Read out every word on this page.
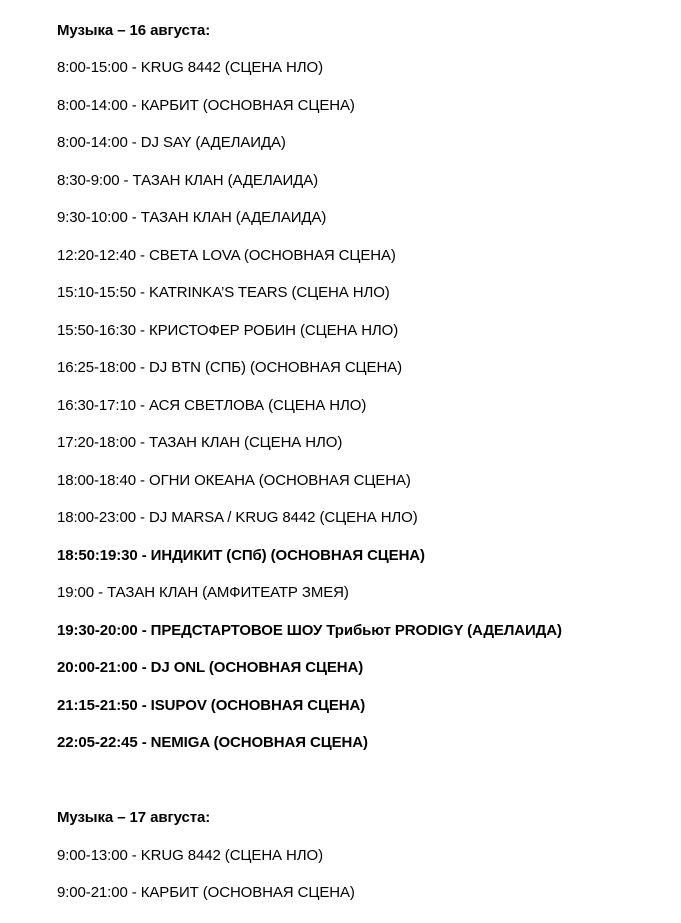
Музыка – 16 августа:
8:00-15:00 - KRUG 8442 (СЦЕНА НЛО)
8:00-14:00 - КАРБИТ (ОСНОВНАЯ СЦЕНА)
8:00-14:00 - DJ SAY (АДЕЛАИДА)
8:30-9:00 - ТАЗАН КЛАН (АДЕЛАИДА)
9:30-10:00 - ТАЗАН КЛАН (АДЕЛАИДА)
12:20-12:40 - СВЕТА LOVA (ОСНОВНАЯ СЦЕНА)
15:10-15:50 - KATRINKA’S TEARS (СЦЕНА НЛО)
15:50-16:30 - КРИСТОФЕР РОБИН (СЦЕНА НЛО)
16:25-18:00 - DJ BTN (СПБ) (ОСНОВНАЯ СЦЕНА)
16:30-17:10 - АСЯ СВЕТЛОВА (СЦЕНА НЛО)
17:20-18:00 - ТАЗАН КЛАН (СЦЕНА НЛО)
18:00-18:40 - ОГНИ ОКЕАНА (ОСНОВНАЯ СЦЕНА)
18:00-23:00 - DJ MARSA / KRUG 8442 (СЦЕНА НЛО)
18:50:19:30 - ИНДИКИТ (СПб) (ОСНОВНАЯ СЦЕНА)
19:00 - ТАЗАН КЛАН (АМФИТЕАТР ЗМЕЯ)
19:30-20:00 - ПРЕДСТАРТОВОЕ ШОУ Трибьют PRODIGY (АДЕЛАИДА)
20:00-21:00 - DJ ONL (ОСНОВНАЯ СЦЕНА)
21:15-21:50 - ISUPOV (ОСНОВНАЯ СЦЕНА)
22:05-22:45 - NEMIGA (ОСНОВНАЯ СЦЕНА)
Музыка – 17 августа:
9:00-13:00 - KRUG 8442 (СЦЕНА НЛО)
9:00-21:00 - КАРБИТ (ОСНОВНАЯ СЦЕНА)
